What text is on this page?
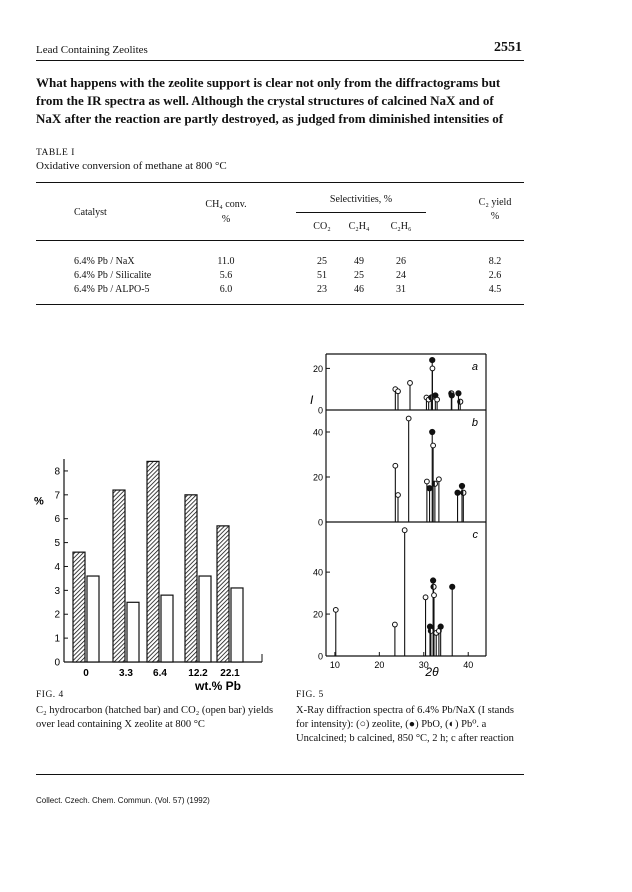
Lead Containing Zeolites	2551
What happens with the zeolite support is clear not only from the diffractograms but
from the IR spectra as well. Although the crystal structures of calcined NaX and of
NaX after the reaction are partly destroyed, as judged from diminished intensities of
TABLE I
Oxidative conversion of methane at 800 °C
Catalyst
CH₄ conv.
%
Selectivities, %
CO₂	C₂H₄	C₂H₆
C₂ yield
%
6.4% Pb / NaX	11.0	25	49	26	8.2
6.4% Pb / Silicalite	5.6	51	25	24	2.6
6.4% Pb / ALPO-5	6.0	23	46	31	4.5
0
1
2
3
4
5
6
7
8
%
0	3.3 6.4 12.2 22.1
wt.% Pb
FIG. 4
C₂ hydrocarbon (hatched bar) and CO₂ (open bar) yields over lead containing X zeolite at 800 °C
0
20	a
0
20
40
b
0
20
40
c
I
10	20	30	40
2θ
FIG. 5
X-Ray diffraction spectra of 6.4% Pb/NaX (I stands for intensity): (○) zeolite, (●) PbO, (◐) Pb⁰. a Uncalcined; b calcined, 850 °C, 2 h; c after reaction
Collect. Czech. Chem. Commun. (Vol. 57) (1992)
